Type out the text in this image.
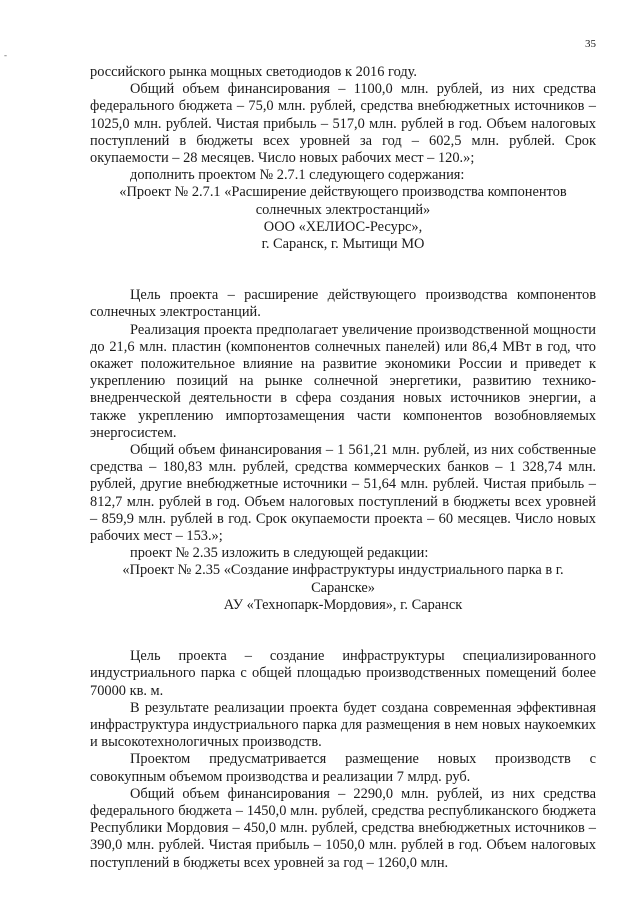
35
-

российского рынка мощных светодиодов к 2016 году.

Общий объем финансирования – 1100,0 млн. рублей, из них средства федерального бюджета – 75,0 млн. рублей, средства внебюджетных источников – 1025,0 млн. рублей. Чистая прибыль – 517,0 млн. рублей в год. Объем налоговых поступлений в бюджеты всех уровней за год – 602,5 млн. рублей. Срок окупаемости – 28 месяцев. Число новых рабочих мест – 120.»;

дополнить проектом № 2.7.1 следующего содержания:

«Проект № 2.7.1 «Расширение действующего производства компонентов солнечных электростанций»

ООО «ХЕЛИОС-Ресурс»,

г. Саранск, г. Мытищи МО

Цель проекта – расширение действующего производства компонентов солнечных электростанций.

Реализация проекта предполагает увеличение производственной мощности до 21,6 млн. пластин (компонентов солнечных панелей) или 86,4 МВт в год, что окажет положительное влияние на развитие экономики России и приведет к укреплению позиций на рынке солнечной энергетики, развитию технико-внедренческой деятельности в сфера создания новых источников энергии, а также укреплению импортозамещения части компонентов возобновляемых энергосистем.

Общий объем финансирования – 1 561,21 млн. рублей, из них собственные средства – 180,83 млн. рублей, средства коммерческих банков – 1 328,74 млн. рублей, другие внебюджетные источники – 51,64 млн. рублей. Чистая прибыль – 812,7 млн. рублей в год. Объем налоговых поступлений в бюджеты всех уровней – 859,9 млн. рублей в год. Срок окупаемости проекта – 60 месяцев. Число новых рабочих мест – 153.»;

проект № 2.35 изложить в следующей редакции:

«Проект № 2.35 «Создание инфраструктуры индустриального парка в г. Саранске»

АУ «Технопарк-Мордовия», г. Саранск

Цель проекта – создание инфраструктуры специализированного индустриального парка с общей площадью производственных помещений более 70000 кв. м.

В результате реализации проекта будет создана современная эффективная инфраструктура индустриального парка для размещения в нем новых наукоемких и высокотехнологичных производств.

Проектом предусматривается размещение новых производств с совокупным объемом производства и реализации 7 млрд. руб.

Общий объем финансирования – 2290,0 млн. рублей, из них средства федерального бюджета – 1450,0 млн. рублей, средства республиканского бюджета Республики Мордовия – 450,0 млн. рублей, средства внебюджетных источников – 390,0 млн. рублей. Чистая прибыль – 1050,0 млн. рублей в год. Объем налоговых поступлений в бюджеты всех уровней за год – 1260,0 млн.
